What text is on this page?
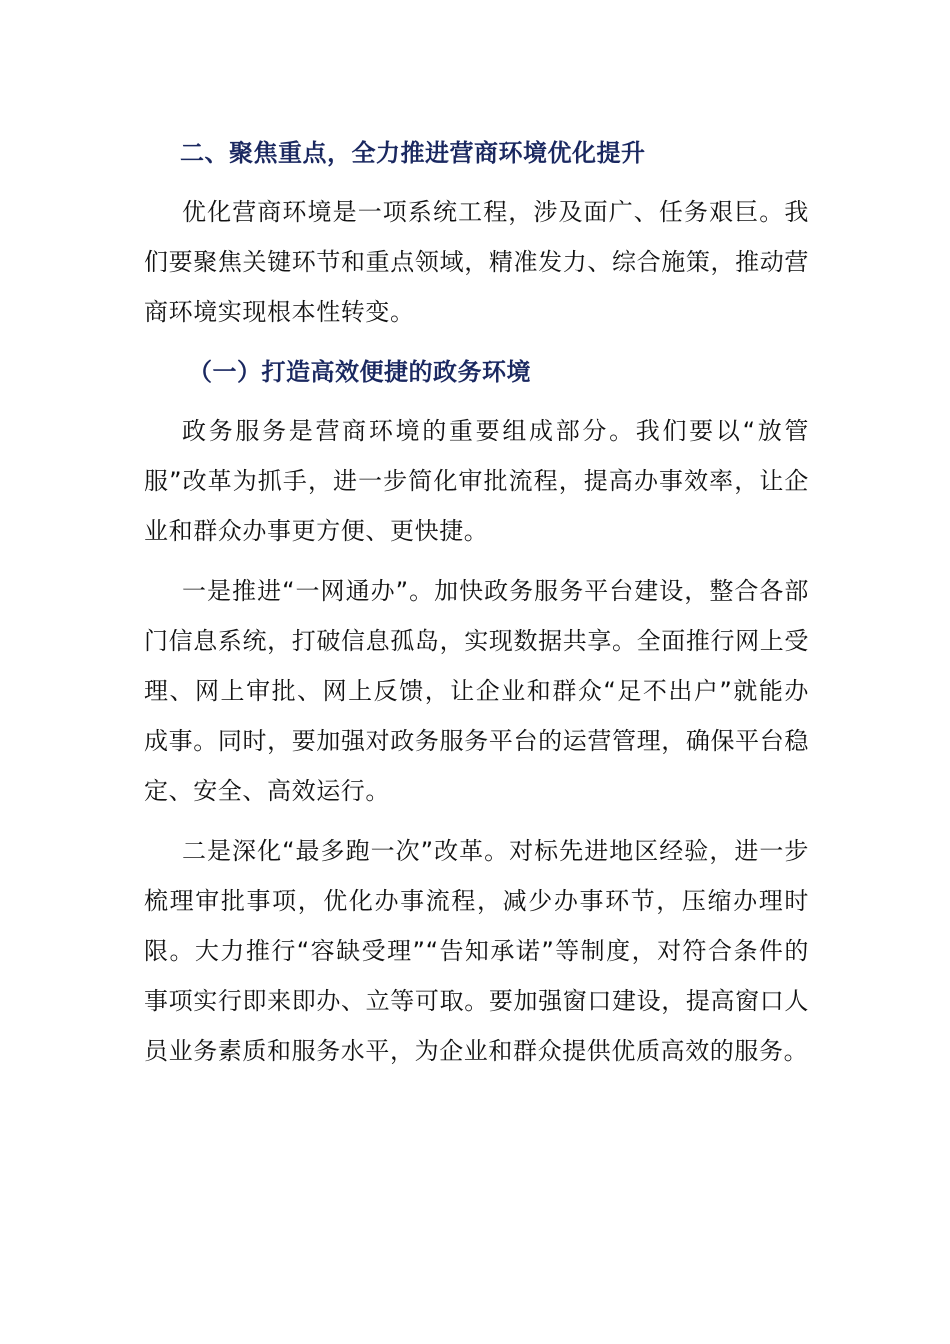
二、聚焦重点，全力推进营商环境优化提升

优化营商环境是一项系统工程，涉及面广、任务艰巨。我们要聚焦关键环节和重点领域，精准发力、综合施策，推动营商环境实现根本性转变。

（一）打造高效便捷的政务环境

政务服务是营商环境的重要组成部分。我们要以“放管服”改革为抓手，进一步简化审批流程，提高办事效率，让企业和群众办事更方便、更快捷。

一是推进“一网通办”。加快政务服务平台建设，整合各部门信息系统，打破信息孤岛，实现数据共享。全面推行网上受理、网上审批、网上反馈，让企业和群众“足不出户”就能办成事。同时，要加强对政务服务平台的运营管理，确保平台稳定、安全、高效运行。

二是深化“最多跑一次”改革。对标先进地区经验，进一步梳理审批事项，优化办事流程，减少办事环节，压缩办理时限。大力推行“容缺受理”“告知承诺”等制度，对符合条件的事项实行即来即办、立等可取。要加强窗口建设，提高窗口人员业务素质和服务水平，为企业和群众提供优质高效的服务。
